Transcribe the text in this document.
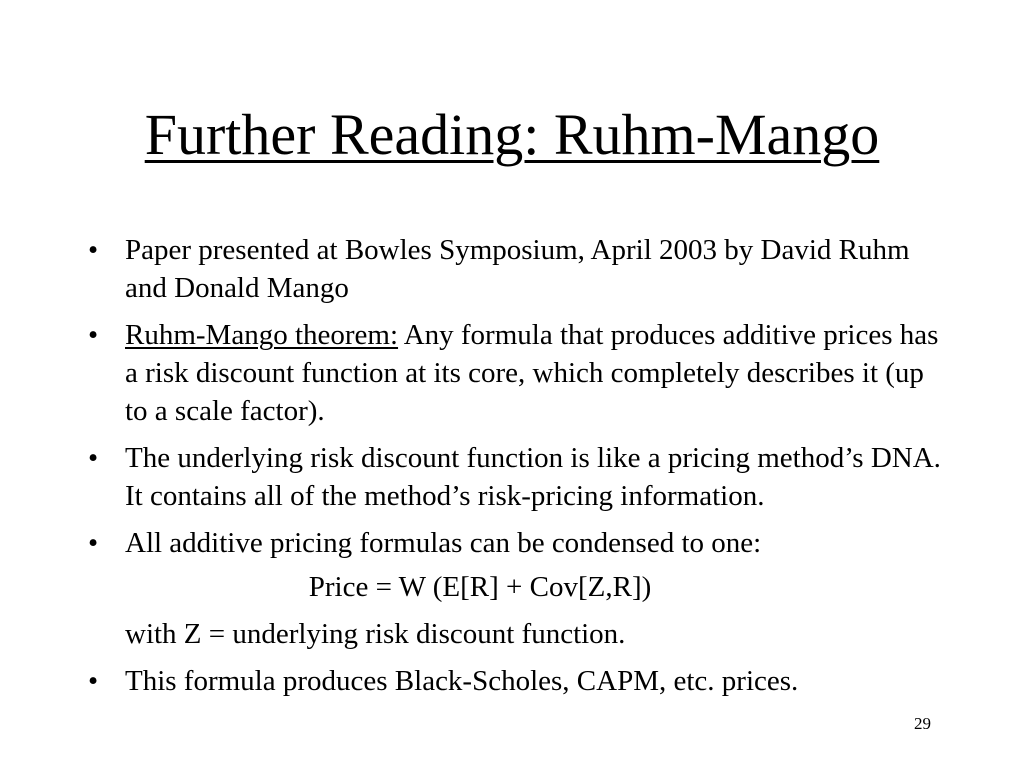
Further Reading: Ruhm-Mango
• Paper presented at Bowles Symposium, April 2003 by David Ruhm and Donald Mango
• Ruhm-Mango theorem: Any formula that produces additive prices has a risk discount function at its core, which completely describes it (up to a scale factor).
• The underlying risk discount function is like a pricing method’s DNA. It contains all of the method’s risk-pricing information.
• All additive pricing formulas can be condensed to one:
Price = W (E[R] + Cov[Z,R])
with Z = underlying risk discount function.
• This formula produces Black-Scholes, CAPM, etc. prices.
29
